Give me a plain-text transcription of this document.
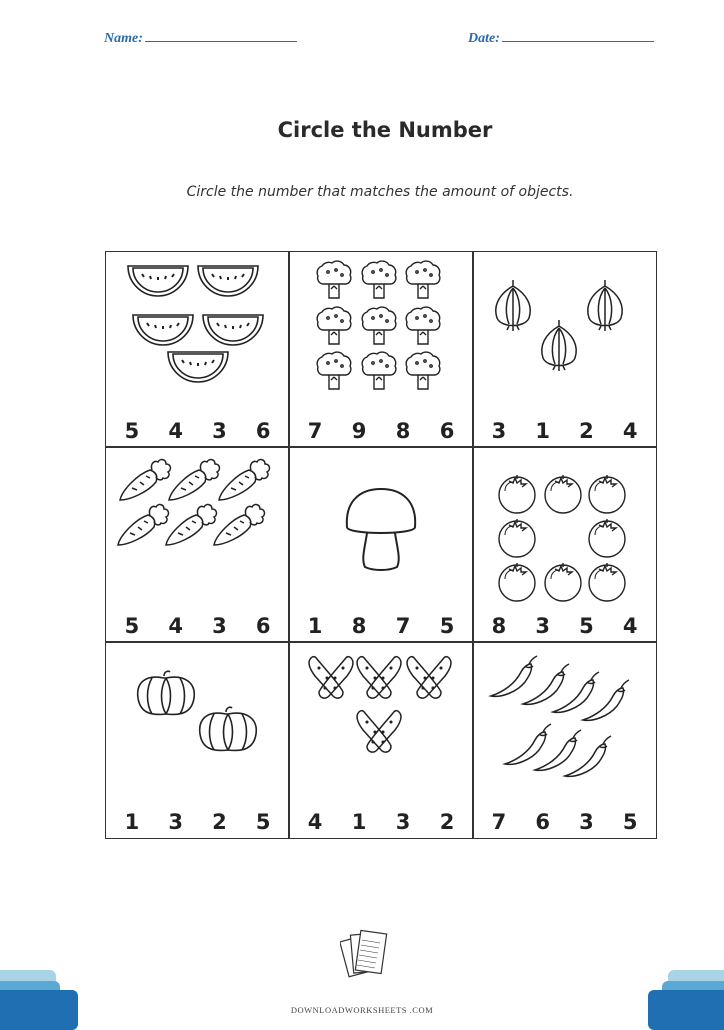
Name:	Date:
Circle the Number
Circle the number that matches the amount of objects.
5	4	3	6	7	9	8	6	3	1	2	4
5	4	3	6	1	8	7	5	8	3	5	4
1	3	2	5	4	1	3	2	7	6	3	5
DOWNLOADWORKSHEETS .COM
